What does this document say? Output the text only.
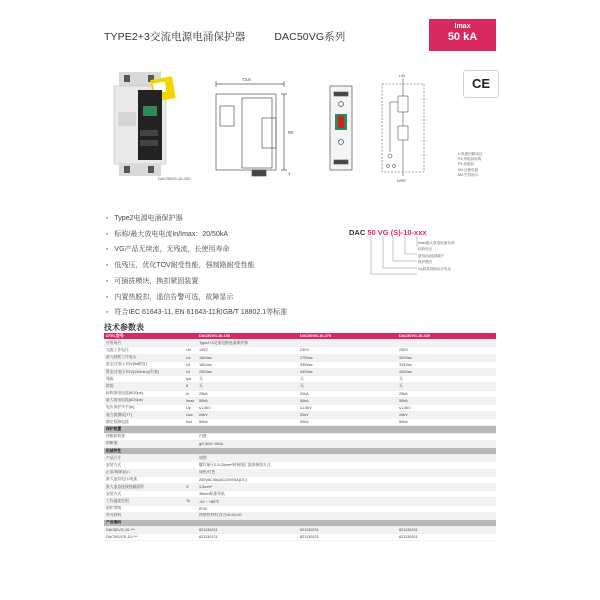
TYPE2+3交流电源电涌保护器	DAC50VG系列
Imax
50 kA
CE
DAC50VG-10-150
73.6
90
7
L/N
N/PE
L:电源回路电压
P1:热脱扣机构
P2:热脱扣
M1:压敏电阻
M2:失效指示
● Type2电源电涌保护器
● 标称/最大放电电流In/Imax：20/50kA
● VG产品无续流，无残流，长使用寿命
● 低残压，优化TOV耐受性能，强制路耐受性能
● 可插拔模块，换扣紧固装置
● 内置热脱扣，遥信告警可选，故障显示
● 符合IEC 61643-11, EN 61643-11和GB/T 18802.1等标准
DAC 50 VG (S)-10-xxx
Imax最大放电电流代码
标称电压
遥信(S)选择端子
保护模式
Uc最高持续运行电压
技术参数表
DTEL型号		DAC50VG-10-150	DAC50VG-10-275	DAC50VG-10-320
应用场合		Type2+3交流电源电涌保护器		
交流工作电压	Un	120V	230V	230V
最大持续工作电压	Uc	150Vac	275Vac	320Vac
暂态过电压TOV(5s耐受)	Ut	180Vac	335Vac	335Vac
暂态过电压TOV(120min)/(失效)	Ut	230Vac	440Vac	440Vac
残流	Ipe	无	无	无
续流	If	无	无	无
标称放电电流(8/20μs)	In	20kA	20kA	20kA
最大放电电流(8/20μs)	Imax	50kA	50kA	50kA
电压保护水平(In)	Up	≤1.5kV	≤1.5kV	≤1.5kV
复合波测试(TT)	Uoc	20kV	20kV	20kV
额定短路电流	Iscr	50kA	50kA	50kA
保护装置				
热脱扣装置		内置		
熔断器		gG 50A~160A		
机械特性				
产品尺寸		如图		
安装方式		螺钉端子2.5-25mm²同接线汇流排接线方式		
正常/故障显示		绿色/红色		
最大遥信电压/电流		250VAC/6A(AC)30V/5A(DC)		
最大遥信连接线截面积	S	1.5mm²		
安装方式		35mm标准导轨		
工作温度范围	Tu	-40 ~ +85℃		
防护等级		IP20		
外壳材料		热塑性材料,符合UL94-V0		
产品编码				
DAC50VG-10-***		821130211	821130221	821130231
DAC50VGS-10-***		821130121	821130221	821130321
